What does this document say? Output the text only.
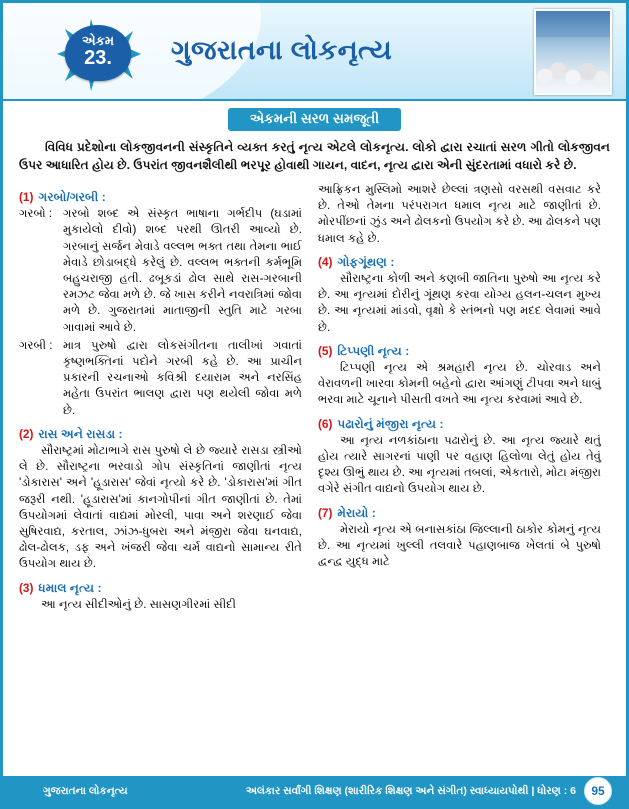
એકમ
23.	ગુજરાતના લોકનૃત્ય
એકમની સરળ સમજૂતી

વિવિધ પ્રદેશોના લોકજીવનની સંસ્કૃતિને વ્યક્ત કરતું નૃત્ય એટલે લોકનૃત્ય. લોકો દ્વારા રચાતાં સરળ ગીતો લોકજીવન ઉપર આધારિત હોય છે. ઉપરાંત જીવનશૈલીથી ભરપૂર હોવાથી ગાયન, વાદન, નૃત્ય દ્વારા એની સુંદરતામાં વધારો કરે છે.

(1) ગરબો/ગરબી :

ગરબો : ગરબો શબ્દ એ સંસ્કૃત ભાષાના ગર્ભદીપ (ઘડામાં મુકાયેલો દીવો) શબ્દ પરથી ઊતરી આવ્યો છે. ગરબાનું સર્જન મેવાડે વલ્લભ ભક્ત તથા તેમના ભાઈ મેવાડે છોડાબદ્ધે કરેલું છે. વલ્લભ ભક્તની કર્મભૂમિ બહુચરાજી હતી. ઢબૂકડાં ઢોલ સાથે રાસ-ગરબાની રમઝટ જેવા મળે છે. જે ખાસ કરીને નવરાત્રિમાં જોવા મળે છે. ગુજરાતમાં માતાજીની સ્તુતિ માટે ગરબા ગાવામાં આવે છે.

ગરબી : માત્ર પુરુષો દ્વારા લોકસંગીતના તાલીખાં ગવાતાં કૃષ્ણભક્તિનાં પદોને ગરબી કહે છે. આ પ્રાચીન પ્રકારની રચનાઓ કવિશ્રી દયારામ અને નરસિંહ મહેતા ઉપરાંત ભાલણ દ્વારા પણ થયેલી જોવા મળે છે.

(2) રાસ અને રાસડા :

સૌરાષ્ટ્રમાં મોટાભાગે રાસ પુરુષો લે છે જ્યારે રાસડા સ્ત્રીઓ લે છે. સૌરાષ્ટ્રના ભરવાડો ગોપ સંસ્કૃતિનાં જાણીતાં નૃત્ય 'ડોકારાસ' અને 'હૂડારાસ' જેવાં નૃત્યો કરે છે. 'ડોકારાસ'માં ગીત જરૂરી નથી. 'હૂડારાસ'માં કાનગોપીનાં ગીત જાણીતાં છે. તેમાં ઉપયોગમાં લેવાતાં વાદ્યમાં મોરલી, પાવા અને શરણાઈ જેવા સુષિરવાદ્ય, કરતાલ, ઝાંઝ-ધુબરા અને મંજીરા જેવા ઘનવાદ્ય, ઢોલ-ઢોલક, ડફ અને ખંજરી જેવા ચર્મ વાદ્યનો સામાન્ય રીતે ઉપયોગ થાય છે.

(3) ધમાલ નૃત્ય :

આ નૃત્ય સીદીઓનું છે. સાસણગીરમાં સીદી

આફ્રિકન મુસ્લિમો આશરે છેલ્લાં ત્રણસો વરસથી વસવાટ કરે છે. તેઓ તેમના પરંપરાગત ધમાલ નૃત્ય માટે જાણીતાં છે. મોરપીંછનાં ઝુંડ અને ઢોલકનો ઉપયોગ કરે છે. આ ઢોલકને પણ ધમાલ કહે છે.

(4) ગોફગૂંથણ :

સૌરાષ્ટ્રના કોળી અને કણબી જાતિના પુરુષો આ નૃત્ય કરે છે. આ નૃત્યમાં દોરીનું ગૂંથણ કરવા યોગ્ય હલન-ચલન મુખ્ય છે. આ નૃત્યમાં માંડવો, વૃક્ષો કે સ્તંભનો પણ મદદ લેવામાં આવે છે.

(5) ટિપ્પણી નૃત્ય :

ટિપ્પણી નૃત્ય એ શ્રમહારી નૃત્ય છે. ચોરવાડ અને વેરાવળની ખારવા કોમની બહેનો દ્વારા આંગણું ટીપવા અને ધાબું ભરવા માટે ચૂનાને પીસતી વખતે આ નૃત્ય કરવામાં આવે છે.

(6) પઢારોનું મંજીરા નૃત્ય :

આ નૃત્ય નળકાંઠાના પઢારોનું છે. આ નૃત્ય જ્યારે થતું હોય ત્યારે સાગરનાં પાણી પર વહાણ હિલોળા લેતું હોય તેવું દૃશ્ય ઊભું થાય છે. આ નૃત્યમાં તબલાં, એકતારો, મોટા મંજીરા વગેરે સંગીત વાદ્યનો ઉપયોગ થાય છે.

(7) મેરાયો :

મેરાયો નૃત્ય એ બનાસકાંઠા જિલ્લાની ઠાકોર કોમનું નૃત્ય છે. આ નૃત્યમાં ખુલ્લી તલવારે પહાણબાજ ખેલતાં બે પુરુષો દ્વન્દ્વ યુદ્ધ માટે

ગુજરાતના લોકનૃત્ય	અલંકાર સર્વાંગી શિક્ષણ (શારીરિક શિક્ષણ અને સંગીત) સ્વાધ્યાયપોથી | ધોરણ : 6	95
